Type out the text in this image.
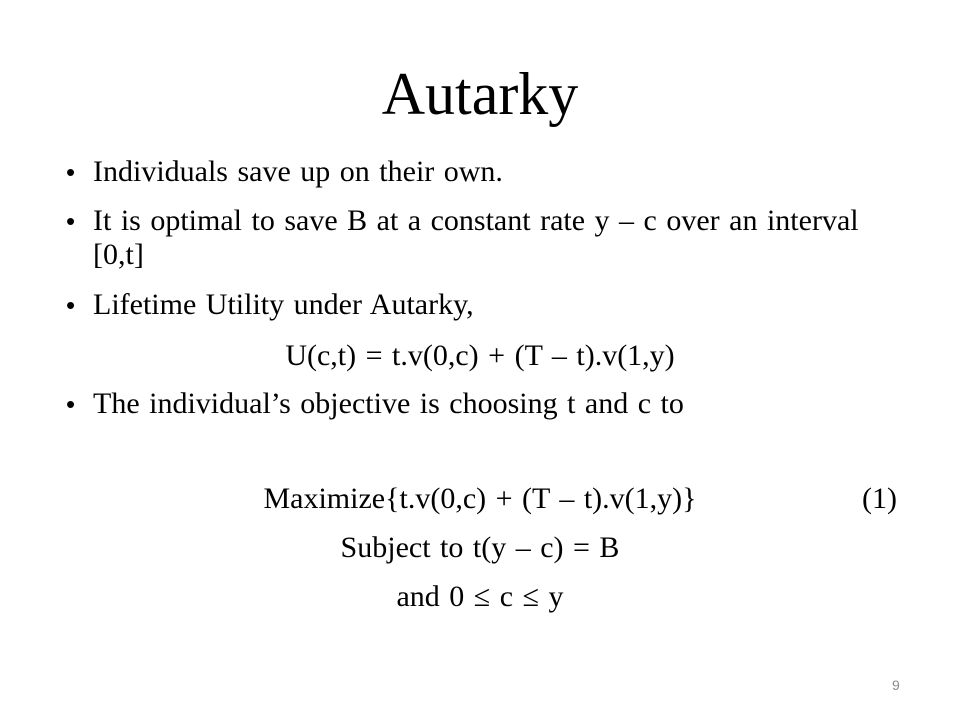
Autarky
• Individuals save up on their own.
• It is optimal to save B at a constant rate y – c over an interval [0,t]
• Lifetime Utility under Autarky,
U(c,t) = t.v(0,c) + (T – t).v(1,y)
• The individual’s objective is choosing t and c to
Maximize{t.v(0,c) + (T – t).v(1,y)}	(1)
Subject to t(y – c) = B
and 0 ≤ c ≤ y
9
